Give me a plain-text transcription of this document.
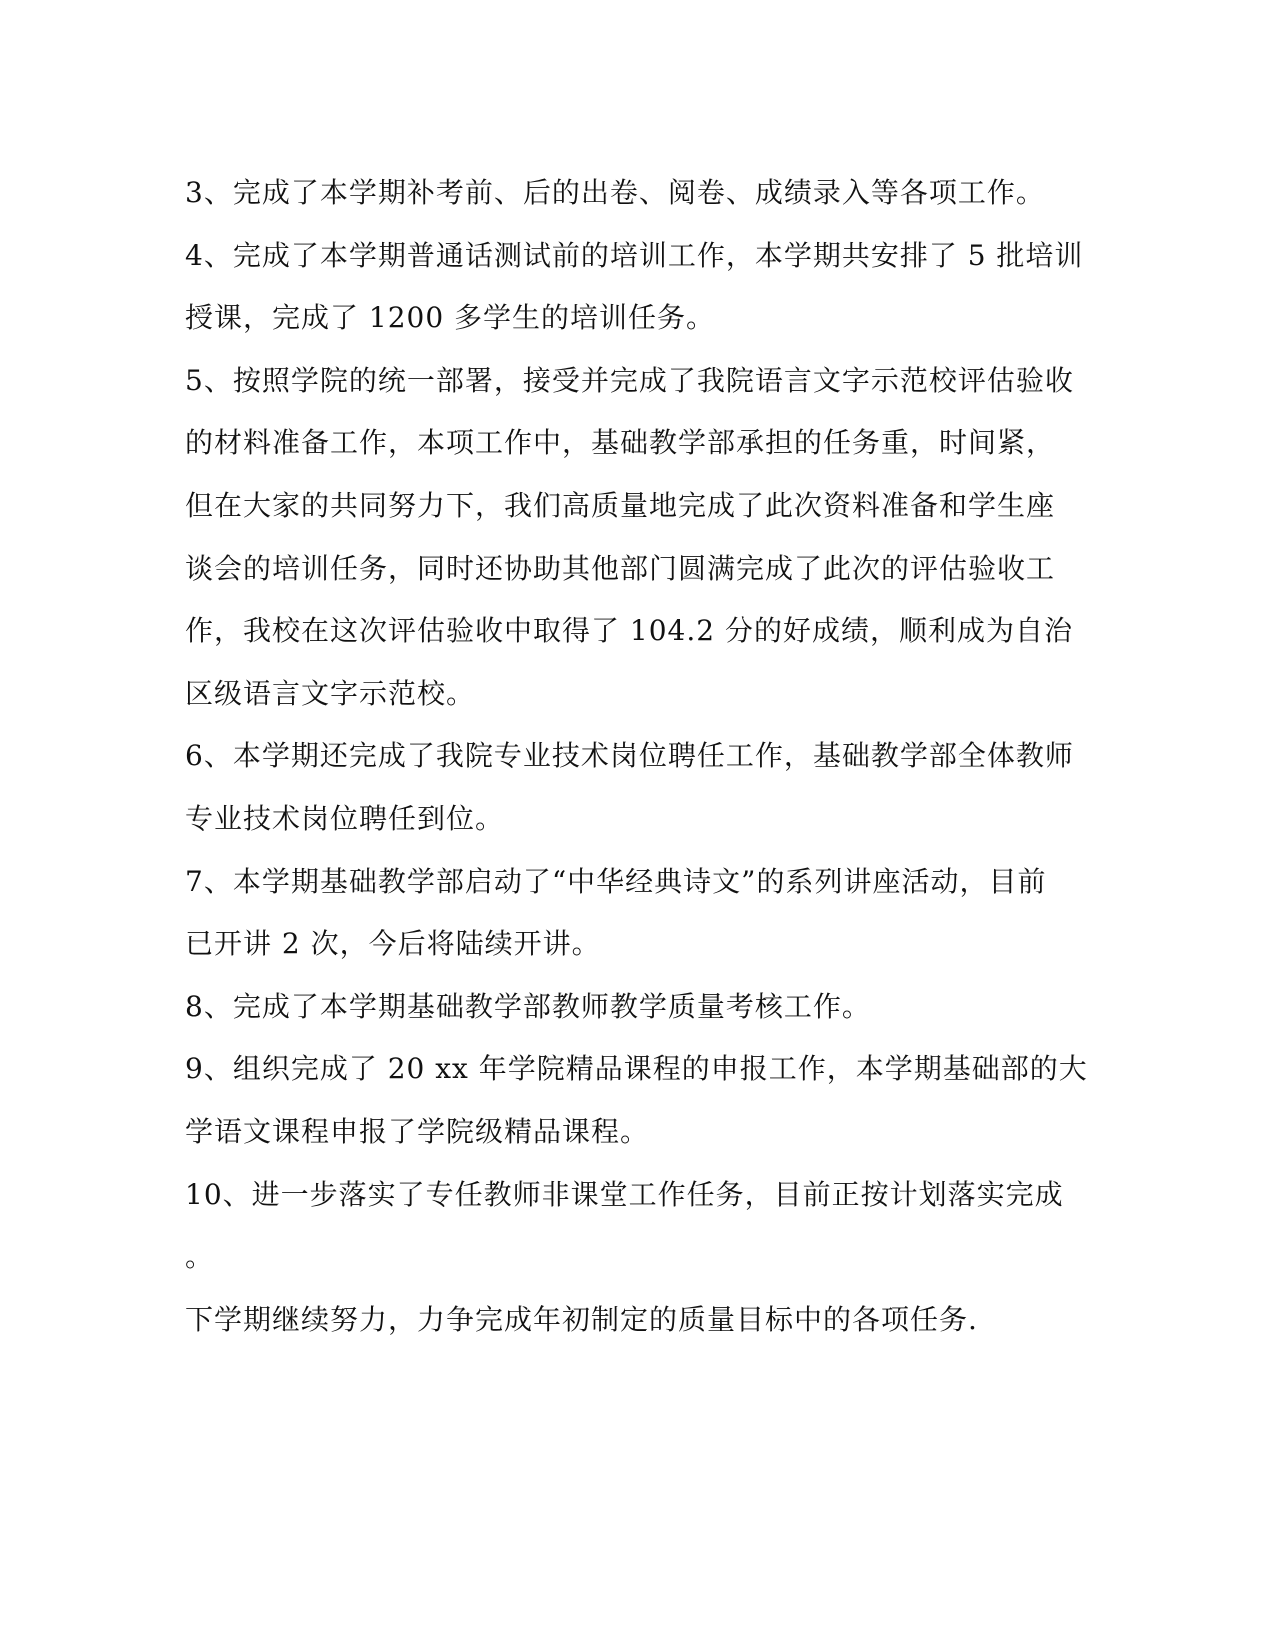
3、完成了本学期补考前、后的出卷、阅卷、成绩录入等各项工作。
4、完成了本学期普通话测试前的培训工作，本学期共安排了 5 批培训
授课，完成了 1200 多学生的培训任务。
5、按照学院的统一部署，接受并完成了我院语言文字示范校评估验收
的材料准备工作，本项工作中，基础教学部承担的任务重，时间紧，
但在大家的共同努力下，我们高质量地完成了此次资料准备和学生座
谈会的培训任务，同时还协助其他部门圆满完成了此次的评估验收工
作，我校在这次评估验收中取得了 104.2 分的好成绩，顺利成为自治
区级语言文字示范校。
6、本学期还完成了我院专业技术岗位聘任工作，基础教学部全体教师
专业技术岗位聘任到位。
7、本学期基础教学部启动了“中华经典诗文”的系列讲座活动，目前
已开讲 2 次，今后将陆续开讲。
8、完成了本学期基础教学部教师教学质量考核工作。
9、组织完成了 20 xx 年学院精品课程的申报工作，本学期基础部的大
学语文课程申报了学院级精品课程。
10、进一步落实了专任教师非课堂工作任务，目前正按计划落实完成
。
下学期继续努力，力争完成年初制定的质量目标中的各项任务.
